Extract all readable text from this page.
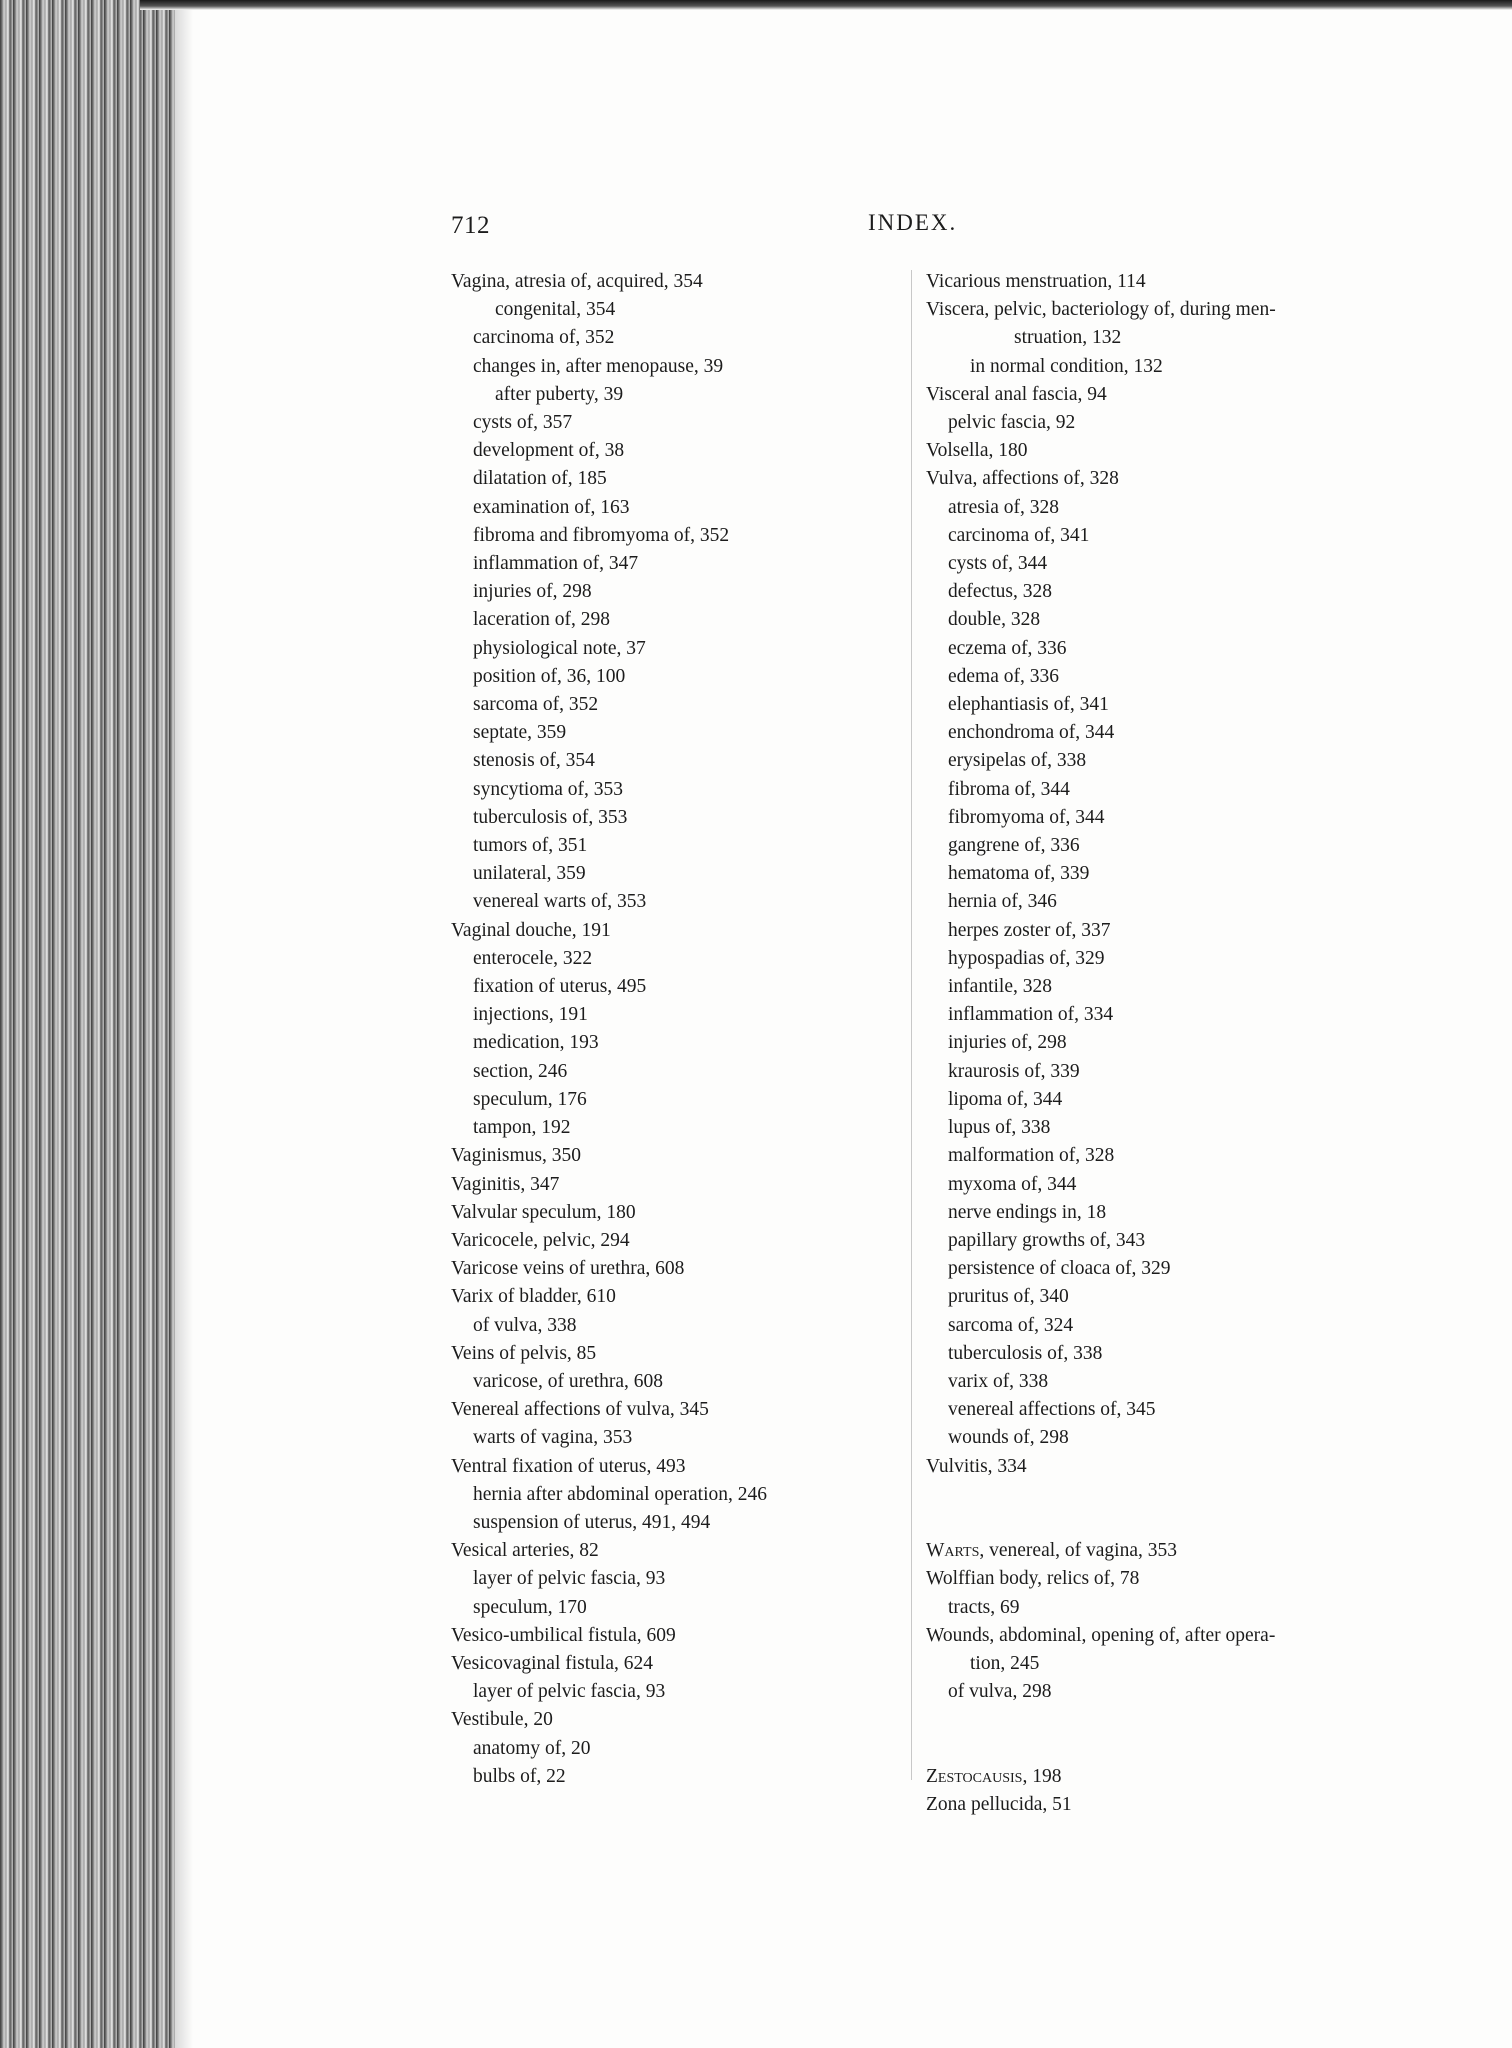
712	INDEX.
Vagina, atresia of, acquired, 354
congenital, 354
carcinoma of, 352
changes in, after menopause, 39
after puberty, 39
cysts of, 357
development of, 38
dilatation of, 185
examination of, 163
fibroma and fibromyoma of, 352
inflammation of, 347
injuries of, 298
laceration of, 298
physiological note, 37
position of, 36, 100
sarcoma of, 352
septate, 359
stenosis of, 354
syncytioma of, 353
tuberculosis of, 353
tumors of, 351
unilateral, 359
venereal warts of, 353
Vaginal douche, 191
enterocele, 322
fixation of uterus, 495
injections, 191
medication, 193
section, 246
speculum, 176
tampon, 192
Vaginismus, 350
Vaginitis, 347
Valvular speculum, 180
Varicocele, pelvic, 294
Varicose veins of urethra, 608
Varix of bladder, 610
of vulva, 338
Veins of pelvis, 85
varicose, of urethra, 608
Venereal affections of vulva, 345
warts of vagina, 353
Ventral fixation of uterus, 493
hernia after abdominal operation, 246
suspension of uterus, 491, 494
Vesical arteries, 82
layer of pelvic fascia, 93
speculum, 170
Vesico-umbilical fistula, 609
Vesicovaginal fistula, 624
layer of pelvic fascia, 93
Vestibule, 20
anatomy of, 20
bulbs of, 22
Vicarious menstruation, 114
Viscera, pelvic, bacteriology of, during men-
struation, 132
in normal condition, 132
Visceral anal fascia, 94
pelvic fascia, 92
Volsella, 180
Vulva, affections of, 328
atresia of, 328
carcinoma of, 341
cysts of, 344
defectus, 328
double, 328
eczema of, 336
edema of, 336
elephantiasis of, 341
enchondroma of, 344
erysipelas of, 338
fibroma of, 344
fibromyoma of, 344
gangrene of, 336
hematoma of, 339
hernia of, 346
herpes zoster of, 337
hypospadias of, 329
infantile, 328
inflammation of, 334
injuries of, 298
kraurosis of, 339
lipoma of, 344
lupus of, 338
malformation of, 328
myxoma of, 344
nerve endings in, 18
papillary growths of, 343
persistence of cloaca of, 329
pruritus of, 340
sarcoma of, 324
tuberculosis of, 338
varix of, 338
venereal affections of, 345
wounds of, 298
Vulvitis, 334
Warts, venereal, of vagina, 353
Wolffian body, relics of, 78
tracts, 69
Wounds, abdominal, opening of, after opera-
tion, 245
of vulva, 298
Zestocausis, 198
Zona pellucida, 51
